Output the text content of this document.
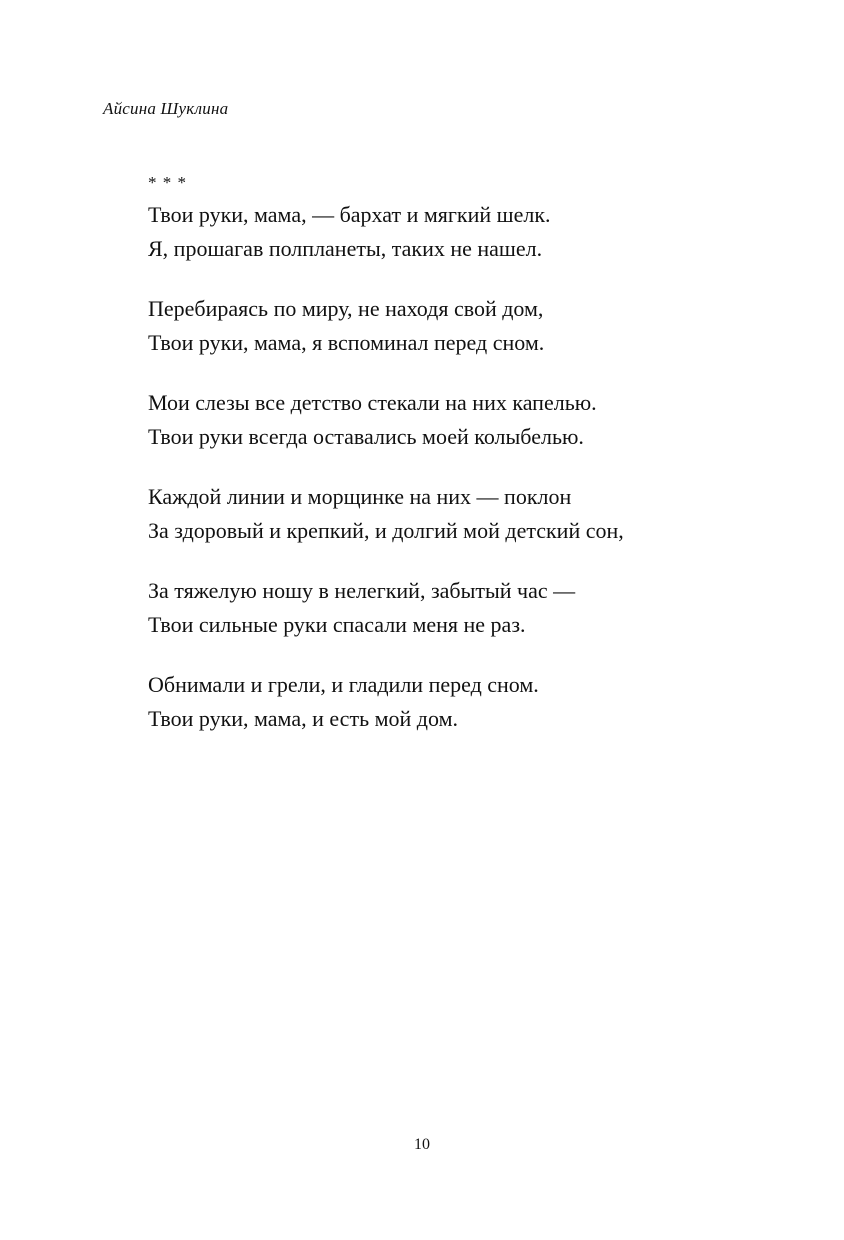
Айсина Шуклина
* * *
Твои руки, мама, — бархат и мягкий шелк.
Я, прошагав полпланеты, таких не нашел.
Перебираясь по миру, не находя свой дом,
Твои руки, мама, я вспоминал перед сном.
Мои слезы все детство стекали на них капелью.
Твои руки всегда оставались моей колыбелью.
Каждой линии и морщинке на них — поклон
За здоровый и крепкий, и долгий мой детский сон,
За тяжелую ношу в нелегкий, забытый час —
Твои сильные руки спасали меня не раз.
Обнимали и грели, и гладили перед сном.
Твои руки, мама, и есть мой дом.
10
